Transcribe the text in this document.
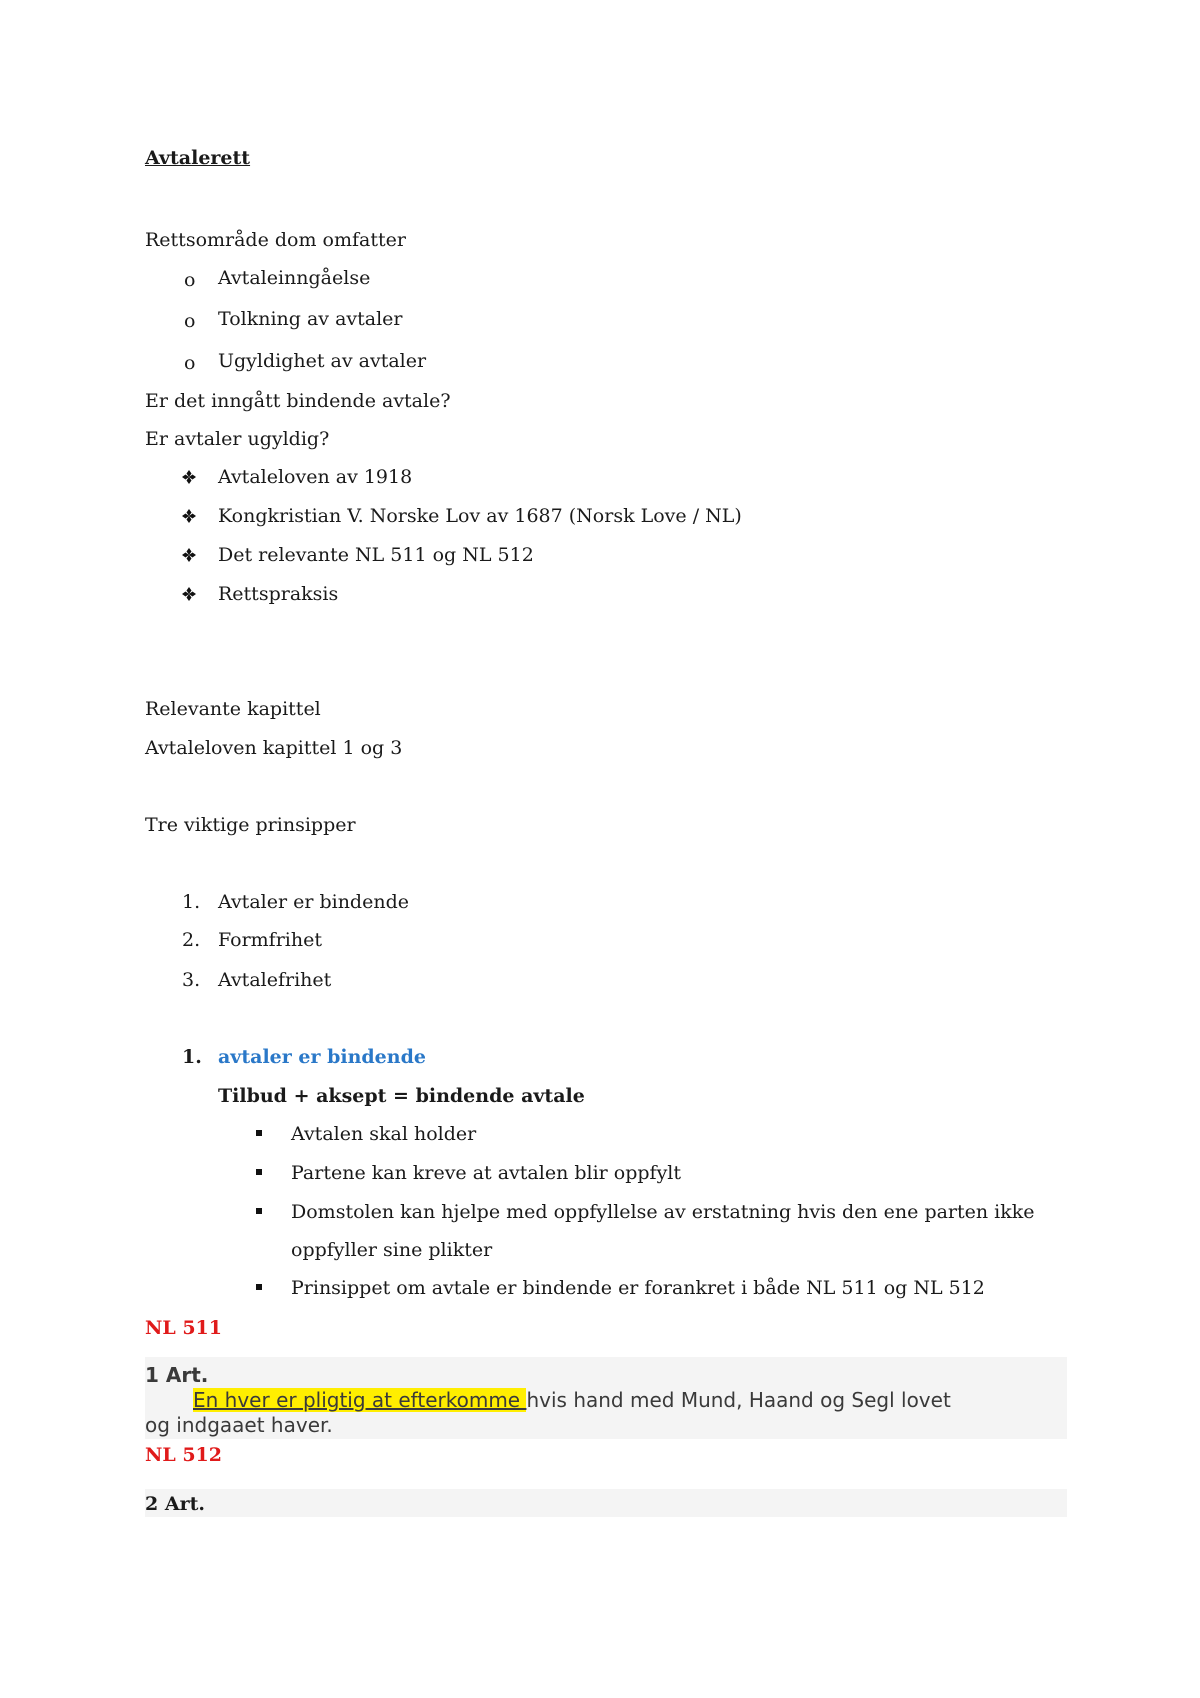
Avtalerett
Rettsområde dom omfatter
o Avtaleinngåelse
o Tolkning av avtaler
o Ugyldighet av avtaler
Er det inngått bindende avtale?
Er avtaler ugyldig?
Avtaleloven av 1918
Kongkristian V. Norske Lov av 1687 (Norsk Love / NL)
Det relevante NL 511 og NL 512
Rettspraksis
Relevante kapittel
Avtaleloven kapittel 1 og 3
Tre viktige prinsipper
1. Avtaler er bindende
2. Formfrihet
3. Avtalefrihet
1. avtaler er bindende
Tilbud + aksept = bindende avtale
Avtalen skal holder
Partene kan kreve at avtalen blir oppfylt
Domstolen kan hjelpe med oppfyllelse av erstatning hvis den ene parten ikke
oppfyller sine plikter
Prinsippet om avtale er bindende er forankret i både NL 511 og NL 512
NL 511
1 Art.
En hver er pligtig at efterkomme hvis hand med Mund, Haand og Segl lovet
og indgaaet haver.
NL 512
2 Art.
